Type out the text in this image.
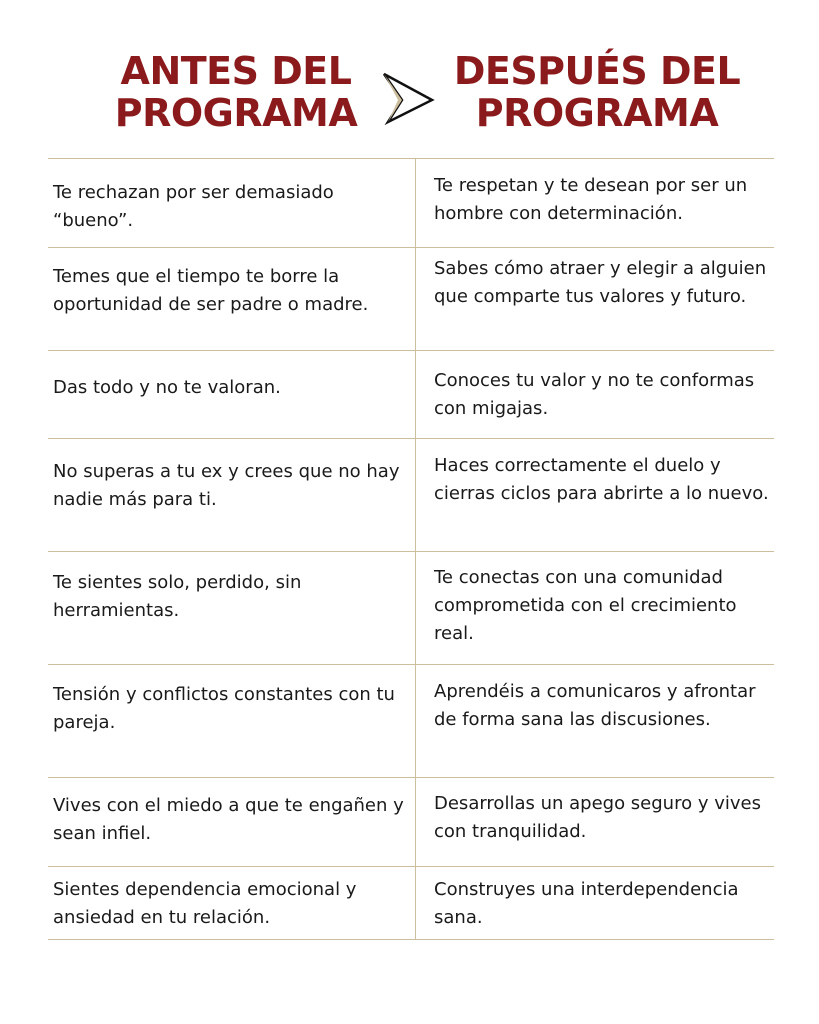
ANTES DEL
PROGRAMA
DESPUÉS DEL
PROGRAMA
Te rechazan por ser demasiado “bueno”.
Te respetan y te desean por ser un hombre con determinación.
Temes que el tiempo te borre la oportunidad de ser padre o madre.
Sabes cómo atraer y elegir a alguien que comparte tus valores y futuro.
Das todo y no te valoran.	Conoces tu valor y no te conformas con migajas.
No superas a tu ex y crees que no hay nadie más para ti.
Haces correctamente el duelo y cierras ciclos para abrirte a lo nuevo.
Te sientes solo, perdido, sin herramientas.
Te conectas con una comunidad comprometida con el crecimiento real.
Tensión y conflictos constantes con tu pareja.
Aprendéis a comunicaros y afrontar de forma sana las discusiones.
Vives con el miedo a que te engañen y sean infiel.
Desarrollas un apego seguro y vives con tranquilidad.
Sientes dependencia emocional y ansiedad en tu relación.
Construyes una interdependencia sana.
